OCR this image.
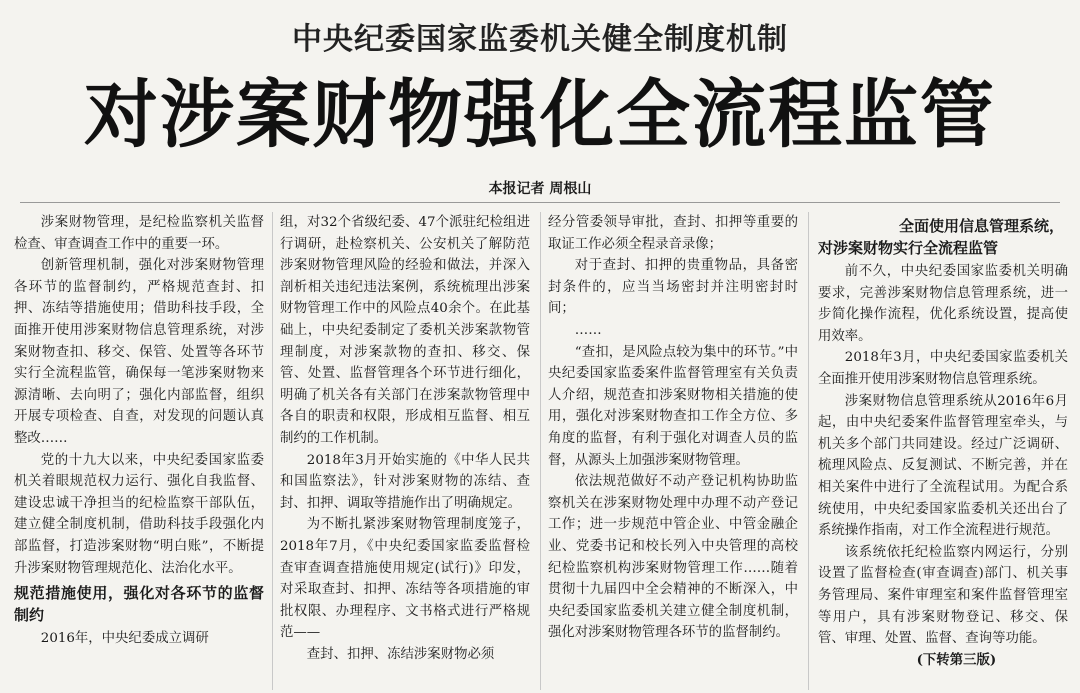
中央纪委国家监委机关健全制度机制
对涉案财物强化全流程监管
本报记者 周根山

涉案财物管理，是纪检监察机关监督检查、审查调查工作中的重要一环。

创新管理机制，强化对涉案财物管理各环节的监督制约，严格规范查封、扣押、冻结等措施使用；借助科技手段，全面推开使用涉案财物信息管理系统，对涉案财物查扣、移交、保管、处置等各环节实行全流程监管，确保每一笔涉案财物来源清晰、去向明了；强化内部监督，组织开展专项检查、自查，对发现的问题认真整改……

党的十九大以来，中央纪委国家监委机关着眼规范权力运行、强化自我监督、建设忠诚干净担当的纪检监察干部队伍，建立健全制度机制，借助科技手段强化内部监督，打造涉案财物“明白账”，不断提升涉案财物管理规范化、法治化水平。

规范措施使用，强化对各环节的监督制约

2016年，中央纪委成立调研

组，对32个省级纪委、47个派驻纪检组进行调研，赴检察机关、公安机关了解防范涉案财物管理风险的经验和做法，并深入剖析相关违纪违法案例，系统梳理出涉案财物管理工作中的风险点40余个。在此基础上，中央纪委制定了委机关涉案款物管理制度，对涉案款物的查扣、移交、保管、处置、监督管理各个环节进行细化，明确了机关各有关部门在涉案款物管理中各自的职责和权限，形成相互监督、相互制约的工作机制。

2018年3月开始实施的《中华人民共和国监察法》，针对涉案财物的冻结、查封、扣押、调取等措施作出了明确规定。

为不断扎紧涉案财物管理制度笼子，2018年7月，《中央纪委国家监委监督检查审查调查措施使用规定(试行)》印发，对采取查封、扣押、冻结等各项措施的审批权限、办理程序、文书格式进行严格规范——

查封、扣押、冻结涉案财物必须

经分管委领导审批，查封、扣押等重要的取证工作必须全程录音录像；

对于查封、扣押的贵重物品，具备密封条件的，应当当场密封并注明密封时间；

……

“查扣，是风险点较为集中的环节。”中央纪委国家监委案件监督管理室有关负责人介绍，规范查扣涉案财物相关措施的使用，强化对涉案财物查扣工作全方位、多角度的监督，有利于强化对调查人员的监督，从源头上加强涉案财物管理。

依法规范做好不动产登记机构协助监察机关在涉案财物处理中办理不动产登记工作；进一步规范中管企业、中管金融企业、党委书记和校长列入中央管理的高校纪检监察机构涉案财物管理工作……随着贯彻十九届四中全会精神的不断深入，中央纪委国家监委机关建立健全制度机制，强化对涉案财物管理各环节的监督制约。

全面使用信息管理系统，
对涉案财物实行全流程监管

前不久，中央纪委国家监委机关明确要求，完善涉案财物信息管理系统，进一步简化操作流程，优化系统设置，提高使用效率。

2018年3月，中央纪委国家监委机关全面推开使用涉案财物信息管理系统。

涉案财物信息管理系统从2016年6月起，由中央纪委案件监督管理室牵头，与机关多个部门共同建设。经过广泛调研、梳理风险点、反复测试、不断完善，并在相关案件中进行了全流程试用。为配合系统使用，中央纪委国家监委机关还出台了系统操作指南，对工作全流程进行规范。

该系统依托纪检监察内网运行，分别设置了监督检查(审查调查)部门、机关事务管理局、案件审理室和案件监督管理室等用户，具有涉案财物登记、移交、保管、审理、处置、监督、查询等功能。

(下转第三版)
